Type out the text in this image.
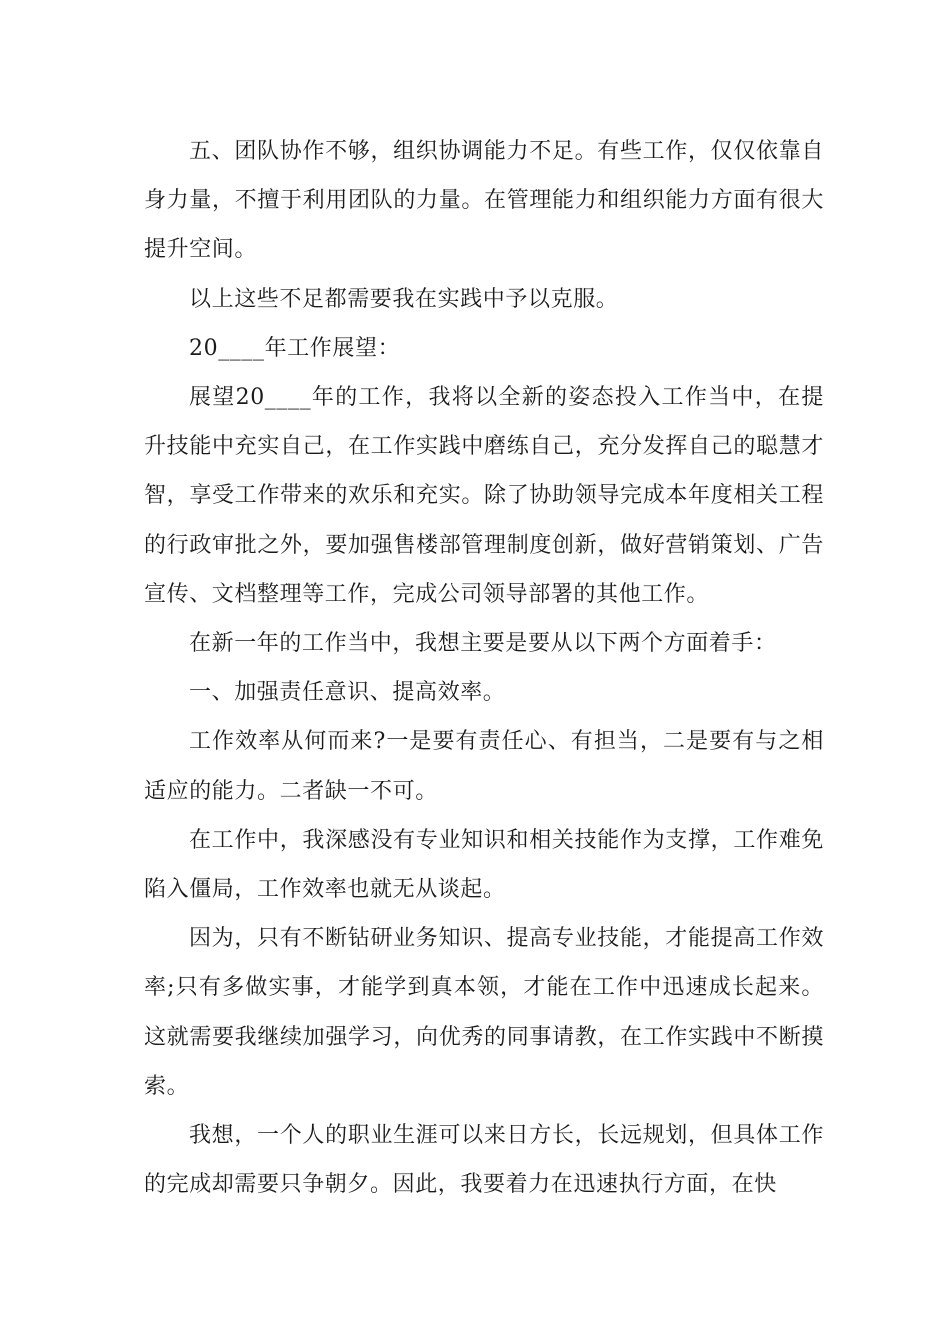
五、团队协作不够，组织协调能力不足。有些工作，仅仅依靠自身力量，不擅于利用团队的力量。在管理能力和组织能力方面有很大提升空间。

以上这些不足都需要我在实践中予以克服。

20____年工作展望：

展望20____年的工作，我将以全新的姿态投入工作当中，在提升技能中充实自己，在工作实践中磨练自己，充分发挥自己的聪慧才智，享受工作带来的欢乐和充实。除了协助领导完成本年度相关工程的行政审批之外，要加强售楼部管理制度创新，做好营销策划、广告宣传、文档整理等工作，完成公司领导部署的其他工作。

在新一年的工作当中，我想主要是要从以下两个方面着手：

一、加强责任意识、提高效率。

工作效率从何而来?一是要有责任心、有担当，二是要有与之相适应的能力。二者缺一不可。

在工作中，我深感没有专业知识和相关技能作为支撑，工作难免陷入僵局，工作效率也就无从谈起。

因为，只有不断钻研业务知识、提高专业技能，才能提高工作效率;只有多做实事，才能学到真本领，才能在工作中迅速成长起来。这就需要我继续加强学习，向优秀的同事请教，在工作实践中不断摸索。

我想，一个人的职业生涯可以来日方长，长远规划，但具体工作的完成却需要只争朝夕。因此，我要着力在迅速执行方面，在快
